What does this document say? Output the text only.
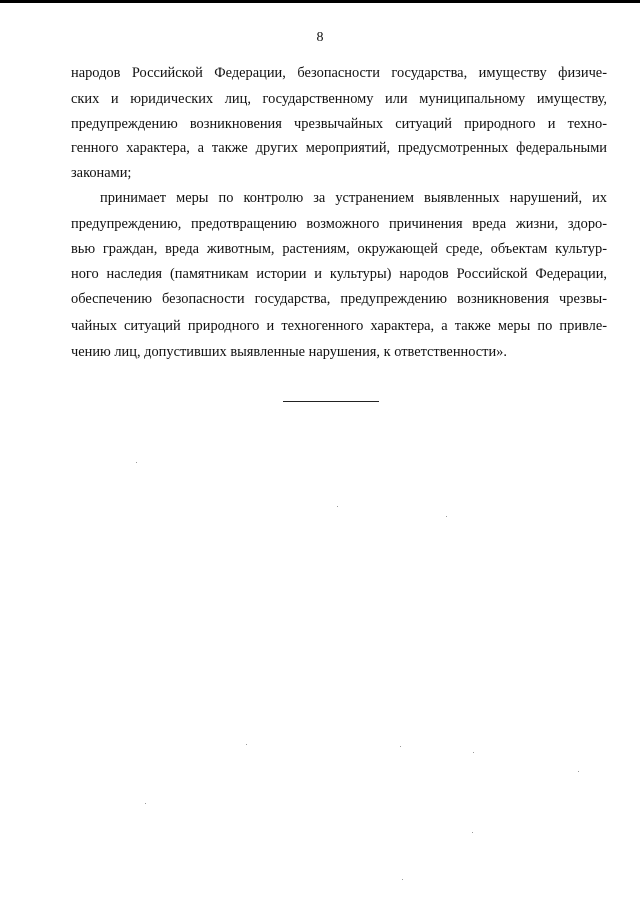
8
народов Российской Федерации, безопасности государства, имуществу физиче-
ских и юридических лиц, государственному или муниципальному имуществу,
предупреждению возникновения чрезвычайных ситуаций природного и техно-
генного характера, а также других мероприятий, предусмотренных федеральными
законами;
принимает меры по контролю за устранением выявленных нарушений, их
предупреждению, предотвращению возможного причинения вреда жизни, здоро-
вью граждан, вреда животным, растениям, окружающей среде, объектам культур-
ного наследия (памятникам истории и культуры) народов Российской Федерации,
обеспечению безопасности государства, предупреждению возникновения чрезвы-
чайных ситуаций природного и техногенного характера, а также меры по привле-
чению лиц, допустивших выявленные нарушения, к ответственности».
